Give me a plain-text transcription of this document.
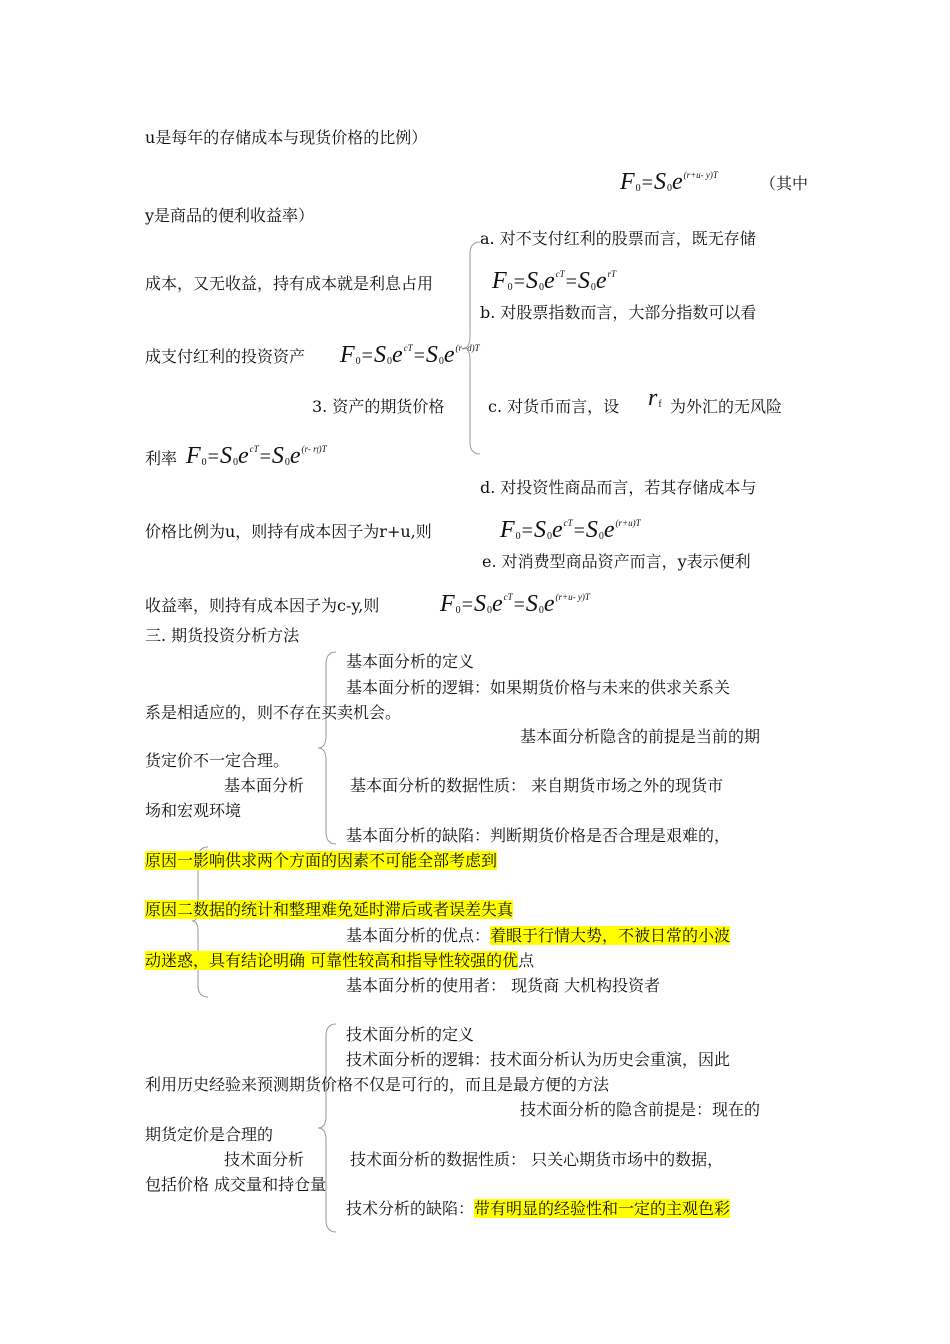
u是每年的存储成本与现货价格的比例）
$F_0=S_0e^{(r+u- y)T}$	（其中
y是商品的便利收益率）
a. 对不支付红利的股票而言，既无存储
成本，又无收益，持有成本就是利息占用 $F_0=S_0e^{cT}=S_0e^{rT}$
b. 对股票指数而言，大部分指数可以看
成支付红利的投资资产 $F_0=S_0e^{cT}=S_0e^{(r- d)T}$
3. 资产的期货价格	c. 对货币而言，设 $r_f$ 为外汇的无风险
利率 $F_0=S_0e^{cT}=S_0e^{(r- rf)T}$
d. 对投资性商品而言，若其存储成本与
价格比例为u，则持有成本因子为r+u,则	$F_0=S_0e^{cT}=S_0e^{(r+u)T}$
e. 对消费型商品资产而言，y表示便利
收益率，则持有成本因子为c-y,则	$F_0=S_0e^{cT}=S_0e^{(r+u- y)T}$
三. 期货投资分析方法
基本面分析的定义
基本面分析的逻辑：如果期货价格与未来的供求关系关
系是相适应的，则不存在买卖机会。
基本面分析隐含的前提是当前的期
货定价不一定合理。
基本面分析	基本面分析的数据性质： 来自期货市场之外的现货市
场和宏观环境
基本面分析的缺陷：判断期货价格是否合理是艰难的，
原因一影响供求两个方面的因素不可能全部考虑到
原因二数据的统计和整理难免延时滞后或者误差失真
基本面分析的优点：着眼于行情大势，不被日常的小波
动迷惑，具有结论明确 可靠性较高和指导性较强的优点
基本面分析的使用者： 现货商 大机构投资者
技术面分析的定义
技术面分析的逻辑：技术面分析认为历史会重演，因此
利用历史经验来预测期货价格不仅是可行的，而且是最方便的方法
技术面分析的隐含前提是：现在的
期货定价是合理的
技术面分析	技术面分析的数据性质： 只关心期货市场中的数据，
包括价格 成交量和持仓量
技术分析的缺陷：带有明显的经验性和一定的主观色彩
